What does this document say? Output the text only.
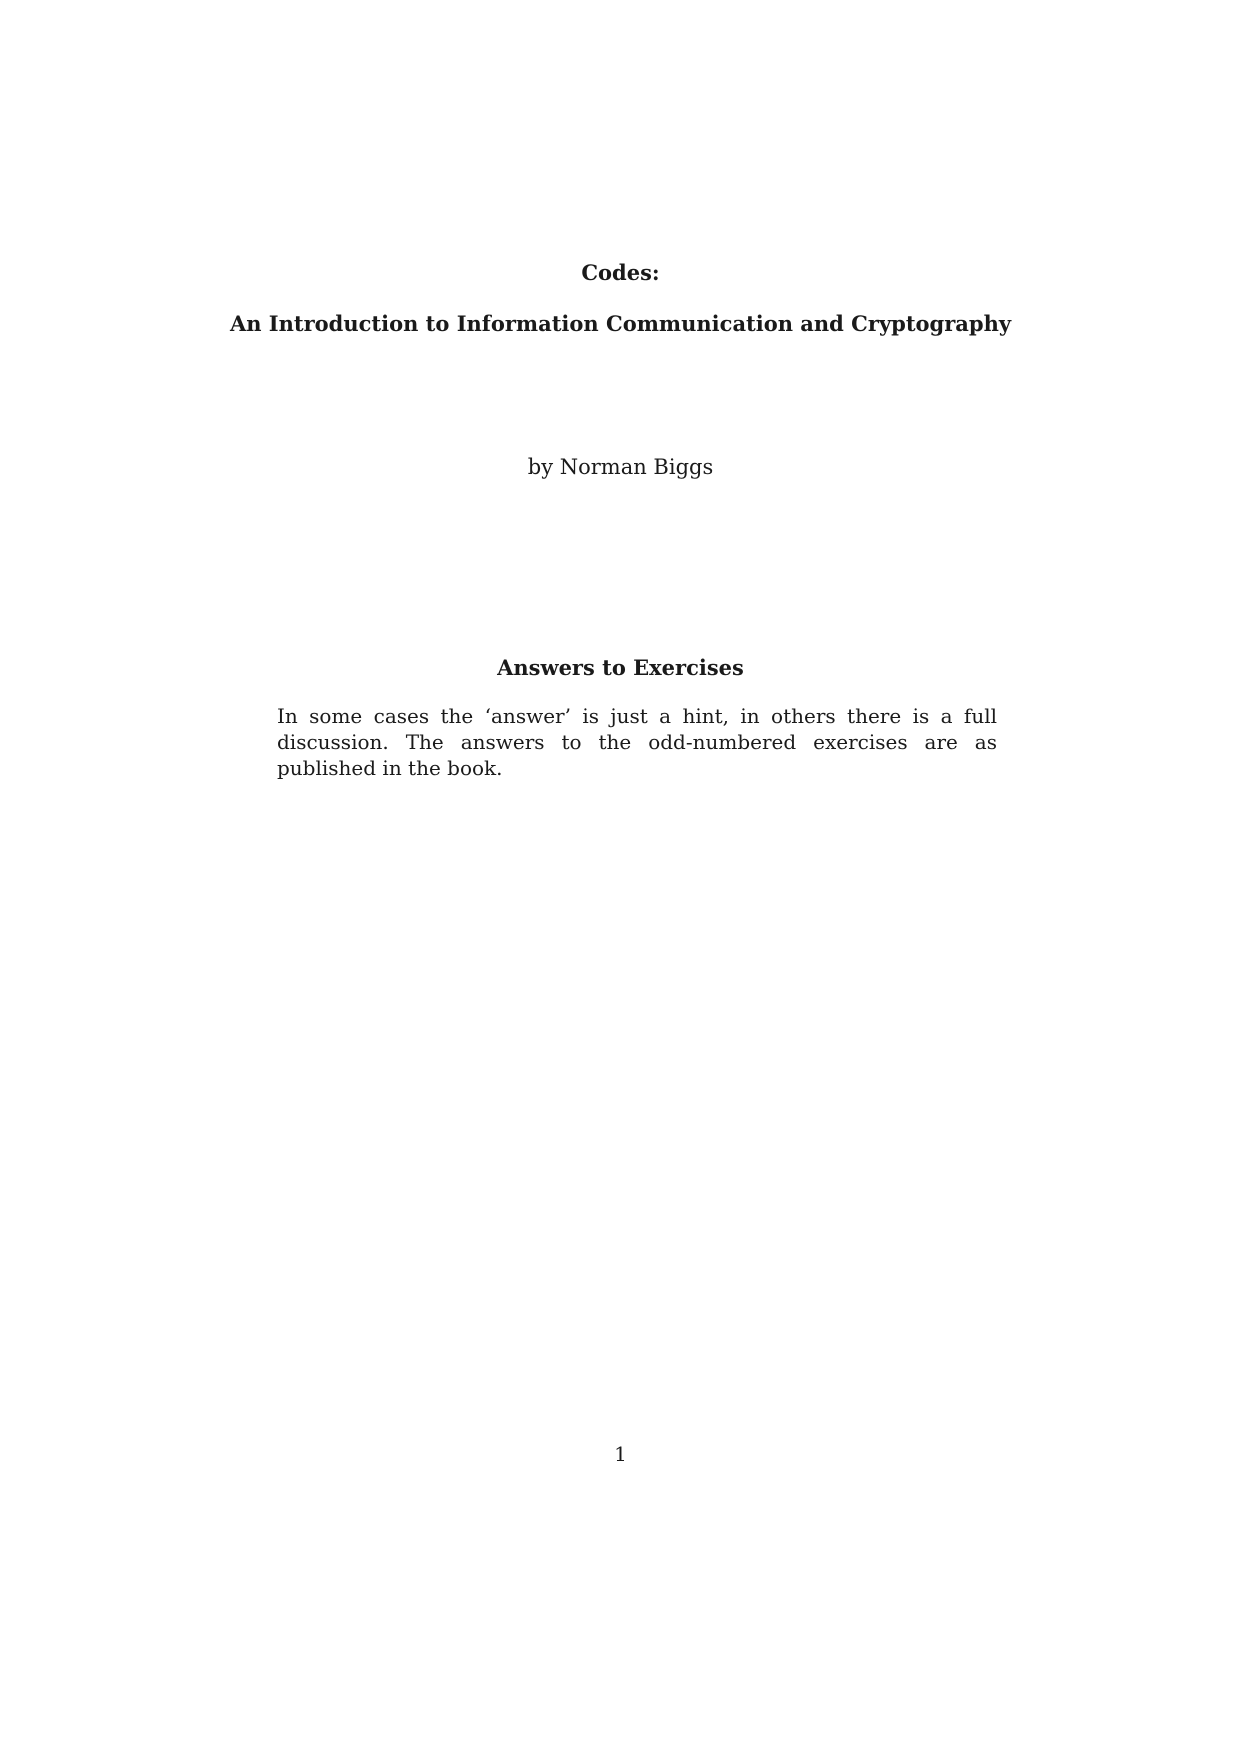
Codes:
An Introduction to Information Communication and Cryptography
by Norman Biggs
Answers to Exercises
In some cases the ‘answer’ is just a hint, in others there is a full discussion. The answers to the odd-numbered exercises are as published in the book.
1
